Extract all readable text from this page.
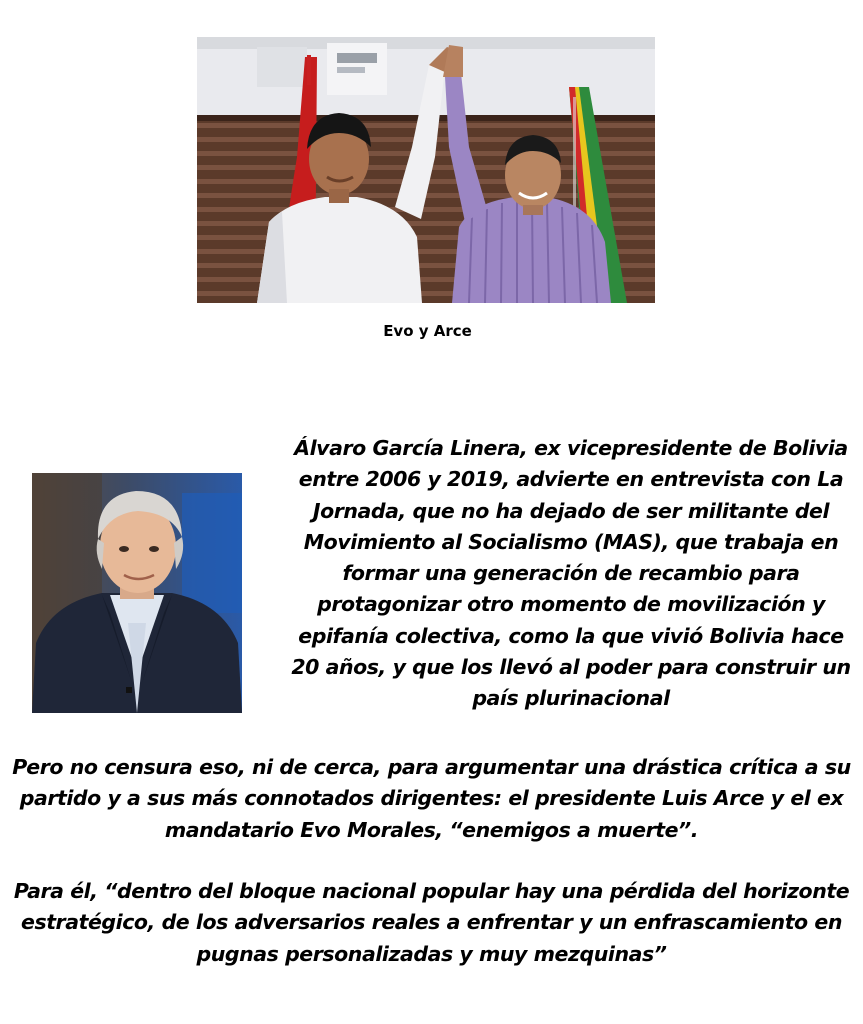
Evo y Arce

Álvaro García Linera, ex vicepresidente de Bolivia entre 2006 y 2019, advierte en entrevista con La Jornada, que no ha dejado de ser militante del Movimiento al Socialismo (MAS), que trabaja en formar una generación de recambio para protagonizar otro momento de movilización y epifanía colectiva, como la que vivió Bolivia hace 20 años, y que los llevó al poder para construir un país plurinacional

Pero no censura eso, ni de cerca, para argumentar una drástica crítica a su partido y a sus más connotados dirigentes: el presidente Luis Arce y el ex mandatario Evo Morales, “enemigos a muerte”.

Para él, “dentro del bloque nacional popular hay una pérdida del horizonte estratégico, de los adversarios reales a enfrentar y un enfrascamiento en pugnas personalizadas y muy mezquinas”
